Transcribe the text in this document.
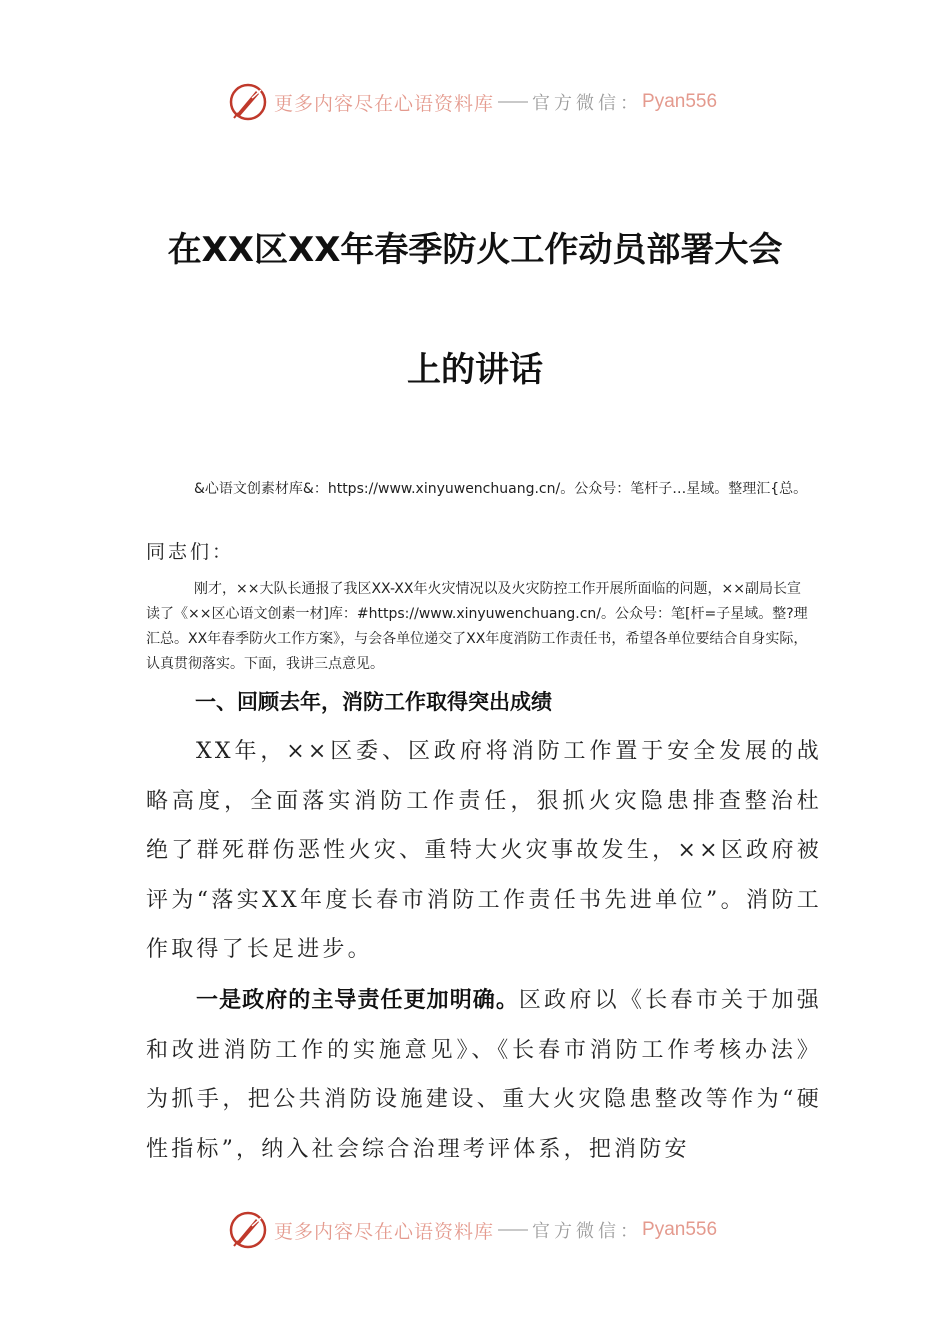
更多内容尽在心语资料库 官方微信： Pyan556
在XX区XX年春季防火工作动员部署大会
上的讲话

&心语文创素材库&：https://www.xinyuwenchuang.cn/。公众号：笔杆子…星域。整理汇{总。

同志们：

刚才，××大队长通报了我区XX-XX年火灾情况以及火灾防控工作开展所面临的问题，××副局长宣读了《××区心语文创素一材]库：#https://www.xinyuwenchuang.cn/。公众号：笔[杆=子星域。整?理汇总。XX年春季防火工作方案》，与会各单位递交了XX年度消防工作责任书，希望各单位要结合自身实际，认真贯彻落实。下面，我讲三点意见。

一、回顾去年，消防工作取得突出成绩

XX年，××区委、区政府将消防工作置于安全发展的战略高度，全面落实消防工作责任，狠抓火灾隐患排查整治杜绝了群死群伤恶性火灾、重特大火灾事故发生，××区政府被评为“落实XX年度长春市消防工作责任书先进单位”。消防工作取得了长足进步。

一是政府的主导责任更加明确。区政府以《长春市关于加强和改进消防工作的实施意见》、《长春市消防工作考核办法》为抓手，把公共消防设施建设、重大火灾隐患整改等作为“硬性指标”，纳入社会综合治理考评体系，把消防安

更多内容尽在心语资料库 官方微信： Pyan556
